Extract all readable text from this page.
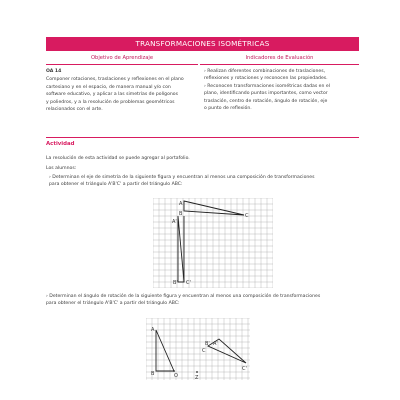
TRANSFORMACIONES ISOMÉTRICAS
Objetivo de Aprendizaje	Indicadores de Evaluación
OA 14
Componer rotaciones, traslaciones y reflexiones en el plano
cartesiano y en el espacio, de manera manual y/o con
software educativo, y aplicar a las simetrías de polígonos
y poliedros, y a la resolución de problemas geométricos
relacionados con el arte.
› Realizan diferentes combinaciones de traslaciones,
reflexiones y rotaciones y reconocen las propiedades.
› Reconocen transformaciones isométricas dadas en el
plano, identificando puntos importantes, como vector
traslación, centro de rotación, ángulo de rotación, eje
o punto de reflexión.
Actividad
La resolución de esta actividad se puede agregar al portafolio.
Los alumnos:
› Determinan el eje de simetría de la siguiente figura y encuentran al menos una composición de transformaciones
para obtener el triángulo A'B'C' a partir del triángulo ABC:
A
B	C
A'
B' C'
› Determinan el ángulo de rotación de la siguiente figura y encuentran al menos una composición de transformaciones
para obtener el triángulo A'B'C' a partir del triángulo ABC:
A
B
C
A'
B'
C'
O	Z
